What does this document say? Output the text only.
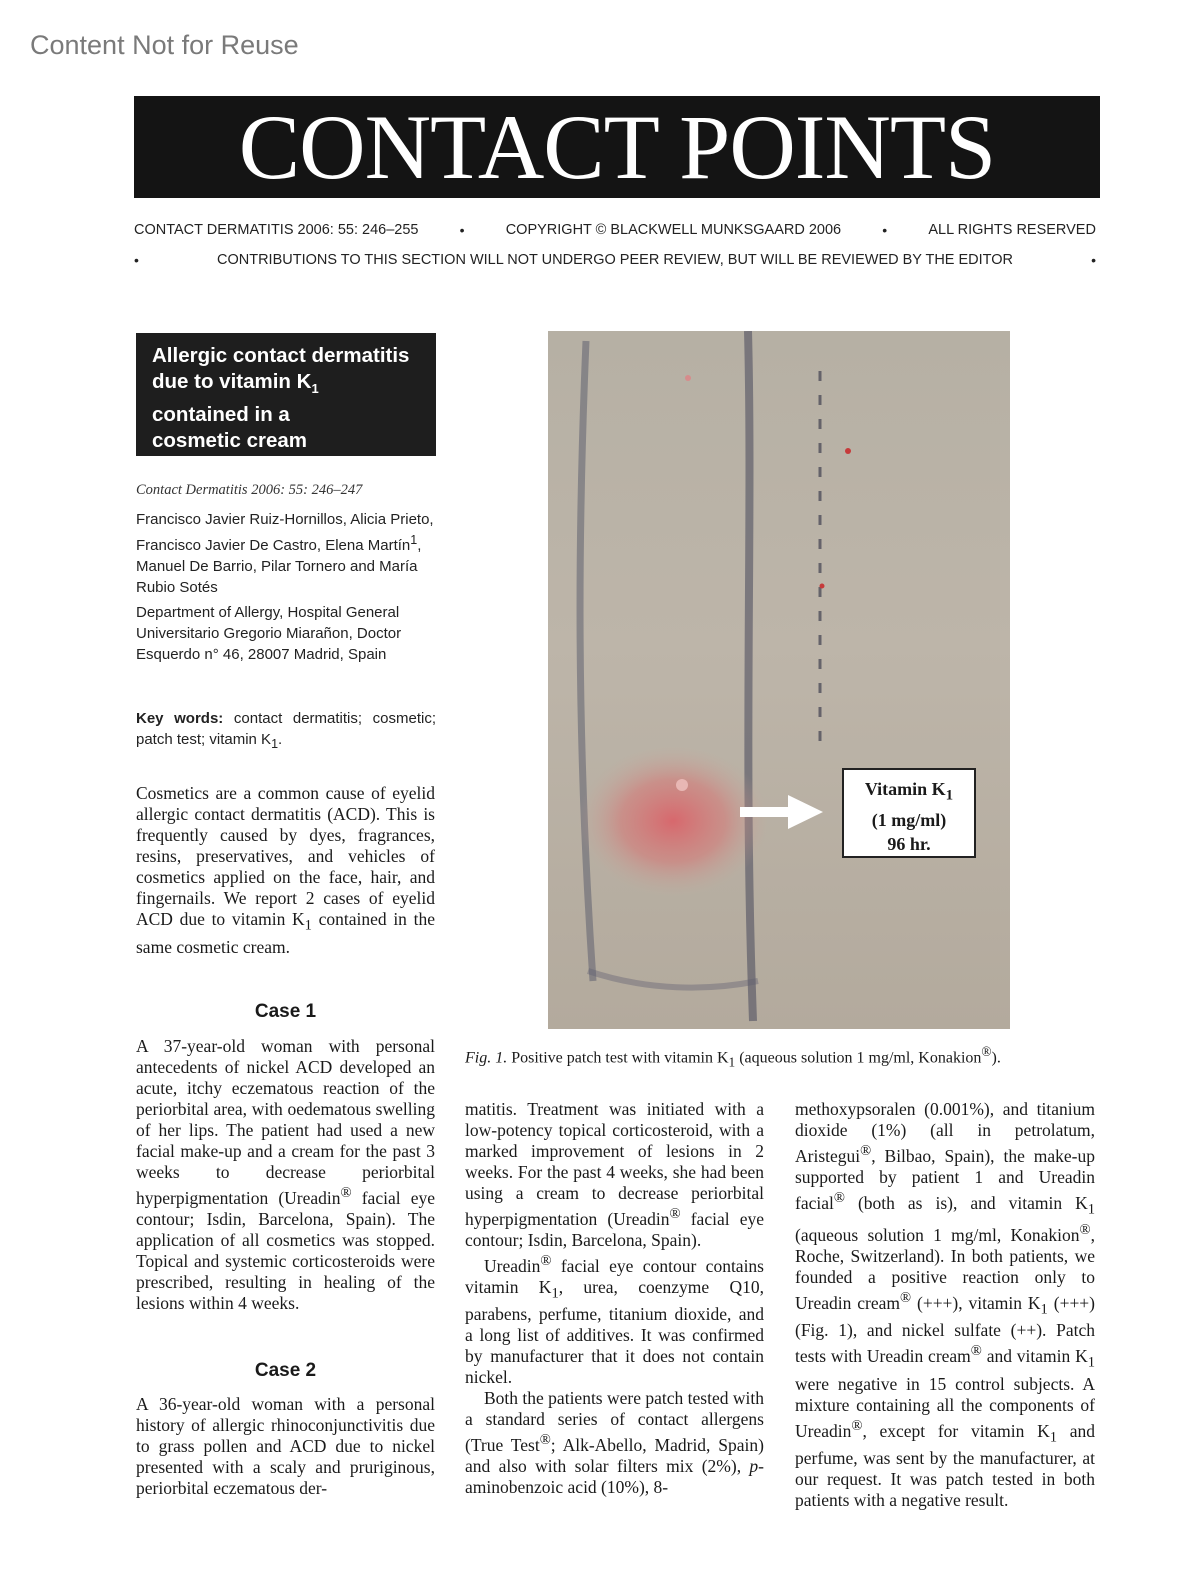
Content Not for Reuse
CONTACT POINTS
CONTACT DERMATITIS 2006: 55: 246–255	•	COPYRIGHT © BLACKWELL MUNKSGAARD 2006	•	ALL RIGHTS RESERVED
•	CONTRIBUTIONS TO THIS SECTION WILL NOT UNDERGO PEER REVIEW, BUT WILL BE REVIEWED BY THE EDITOR	•
Allergic contact dermatitis
due to vitamin $K_1$
contained in a
cosmetic cream
Contact Dermatitis 2006: 55: 246–247
Francisco Javier Ruiz-Hornillos, Alicia Prieto, Francisco Javier De Castro, Elena Martín$^1$, Manuel De Barrio, Pilar Tornero and María Rubio Sotés
Department of Allergy, Hospital General Universitario Gregorio Miarañon, Doctor Esquerdo n° 46, 28007 Madrid, Spain
Key words: contact dermatitis; cosmetic; patch test; vitamin $K_1$.
Cosmetics are a common cause of eyelid allergic contact dermatitis (ACD). This is frequently caused by dyes, fragrances, resins, preservatives, and vehicles of cosmetics applied on the face, hair, and fingernails. We report 2 cases of eyelid ACD due to vitamin $K_1$ contained in the same cosmetic cream.
Case 1
A 37-year-old woman with personal antecedents of nickel ACD developed an acute, itchy eczematous reaction of the periorbital area, with oedematous swelling of her lips. The patient had used a new facial make-up and a cream for the past 3 weeks to decrease periorbital hyperpigmentation (Ureadin® facial eye contour; Isdin, Barcelona, Spain). The application of all cosmetics was stopped. Topical and systemic corticosteroids were prescribed, resulting in healing of the lesions within 4 weeks.
Case 2
A 36-year-old woman with a personal history of allergic rhinoconjunctivitis due to grass pollen and ACD due to nickel presented with a scaly and pruriginous, periorbital eczematous der-
Vitamin $K_1$
(1 mg/ml)
96 hr.
Fig. 1. Positive patch test with vitamin $K_1$ (aqueous solution 1 mg/ml, Konakion®).

matitis. Treatment was initiated with a low-potency topical corticosteroid, with a marked improvement of lesions in 2 weeks. For the past 4 weeks, she had been using a cream to decrease periorbital hyperpigmentation (Ureadin® facial eye contour; Isdin, Barcelona, Spain).

Ureadin® facial eye contour contains vitamin $K_1$, urea, coenzyme Q10, parabens, perfume, titanium dioxide, and a long list of additives. It was confirmed by manufacturer that it does not contain nickel.

Both the patients were patch tested with a standard series of contact allergens (True Test®; Alk-Abello, Madrid, Spain) and also with solar filters mix (2%), p-aminobenzoic acid (10%), 8-

methoxypsoralen (0.001%), and titanium dioxide (1%) (all in petrolatum, Aristegui®, Bilbao, Spain), the make-up supported by patient 1 and Ureadin facial® (both as is), and vitamin $K_1$ (aqueous solution 1 mg/ml, Konakion®, Roche, Switzerland). In both patients, we founded a positive reaction only to Ureadin cream® (+++), vitamin $K_1$ (+++) (Fig. 1), and nickel sulfate (++). Patch tests with Ureadin cream® and vitamin $K_1$ were negative in 15 control subjects. A mixture containing all the components of Ureadin®, except for vitamin $K_1$ and perfume, was sent by the manufacturer, at our request. It was patch tested in both patients with a negative result.
